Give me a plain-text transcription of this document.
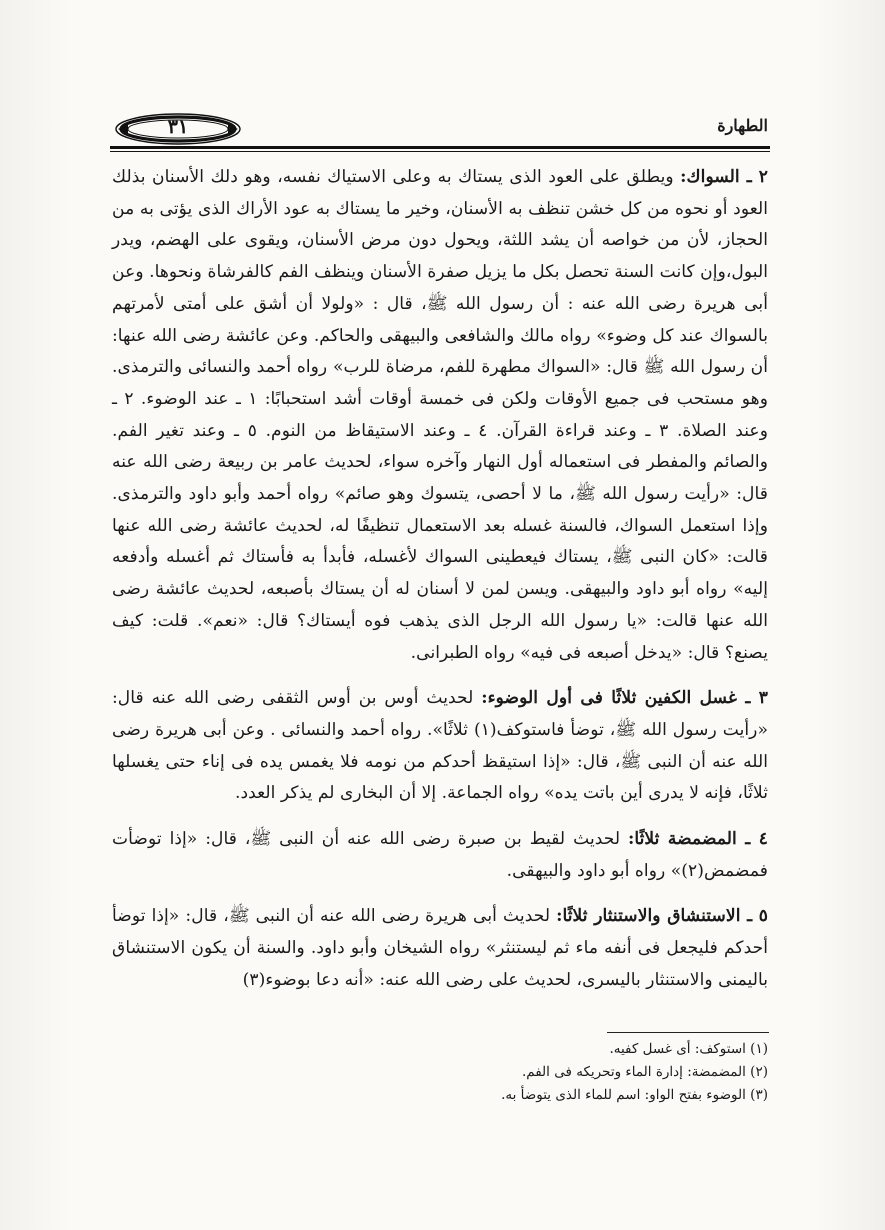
٣١	الطهارة

٢ ـ السواك: ويطلق على العود الذى يستاك به وعلى الاستياك نفسه، وهو دلك الأسنان بذلك العود أو نحوه من كل خشن تنظف به الأسنان، وخير ما يستاك به عود الأراك الذى يؤتى به من الحجاز، لأن من خواصه أن يشد اللثة، ويحول دون مرض الأسنان، ويقوى على الهضم، ويدر البول،وإن كانت السنة تحصل بكل ما يزيل صفرة الأسنان وينظف الفم كالفرشاة ونحوها. وعن أبى هريرة رضى الله عنه : أن رسول الله ﷺ، قال : «ولولا أن أشق على أمتى لأمرتهم بالسواك عند كل وضوء» رواه مالك والشافعى والبيهقى والحاكم. وعن عائشة رضى الله عنها: أن رسول الله ﷺ قال: «السواك مطهرة للفم، مرضاة للرب» رواه أحمد والنسائى والترمذى. وهو مستحب فى جميع الأوقات ولكن فى خمسة أوقات أشد استحبابًا: ١ ـ عند الوضوء. ٢ ـ وعند الصلاة. ٣ ـ وعند قراءة القرآن. ٤ ـ وعند الاستيقاظ من النوم. ٥ ـ وعند تغير الفم. والصائم والمفطر فى استعماله أول النهار وآخره سواء، لحديث عامر بن ربيعة رضى الله عنه قال: «رأيت رسول الله ﷺ، ما لا أحصى، يتسوك وهو صائم» رواه أحمد وأبو داود والترمذى. وإذا استعمل السواك، فالسنة غسله بعد الاستعمال تنظيفًا له، لحديث عائشة رضى الله عنها قالت: «كان النبى ﷺ، يستاك فيعطينى السواك لأغسله، فأبدأ به فأستاك ثم أغسله وأدفعه إليه» رواه أبو داود والبيهقى. ويسن لمن لا أسنان له أن يستاك بأصبعه، لحديث عائشة رضى الله عنها قالت: «يا رسول الله الرجل الذى يذهب فوه أيستاك؟ قال: «نعم». قلت: كيف يصنع؟ قال: «يدخل أصبعه فى فيه» رواه الطبرانى.

٣ ـ غسل الكفين ثلاثًا فى أول الوضوء: لحديث أوس بن أوس الثقفى رضى الله عنه قال: «رأيت رسول الله ﷺ، توضأ فاستوكف(١) ثلاثًا». رواه أحمد والنسائى . وعن أبى هريرة رضى الله عنه أن النبى ﷺ، قال: «إذا استيقظ أحدكم من نومه فلا يغمس يده فى إناء حتى يغسلها ثلاثًا، فإنه لا يدرى أين باتت يده» رواه الجماعة. إلا أن البخارى لم يذكر العدد.

٤ ـ المضمضة ثلاثًا: لحديث لقيط بن صبرة رضى الله عنه أن النبى ﷺ، قال: «إذا توضأت فمضمض(٢)» رواه أبو داود والبيهقى.

٥ ـ الاستنشاق والاستنثار ثلاثًا: لحديث أبى هريرة رضى الله عنه أن النبى ﷺ، قال: «إذا توضأ أحدكم فليجعل فى أنفه ماء ثم ليستنثر» رواه الشيخان وأبو داود. والسنة أن يكون الاستنشاق باليمنى والاستنثار باليسرى، لحديث على رضى الله عنه: «أنه دعا بوضوء(٣)

(١) استوكف: أى غسل كفيه.
(٢) المضمضة: إدارة الماء وتحريكه فى الفم.
(٣) الوضوء بفتح الواو: اسم للماء الذى يتوضأ به.
